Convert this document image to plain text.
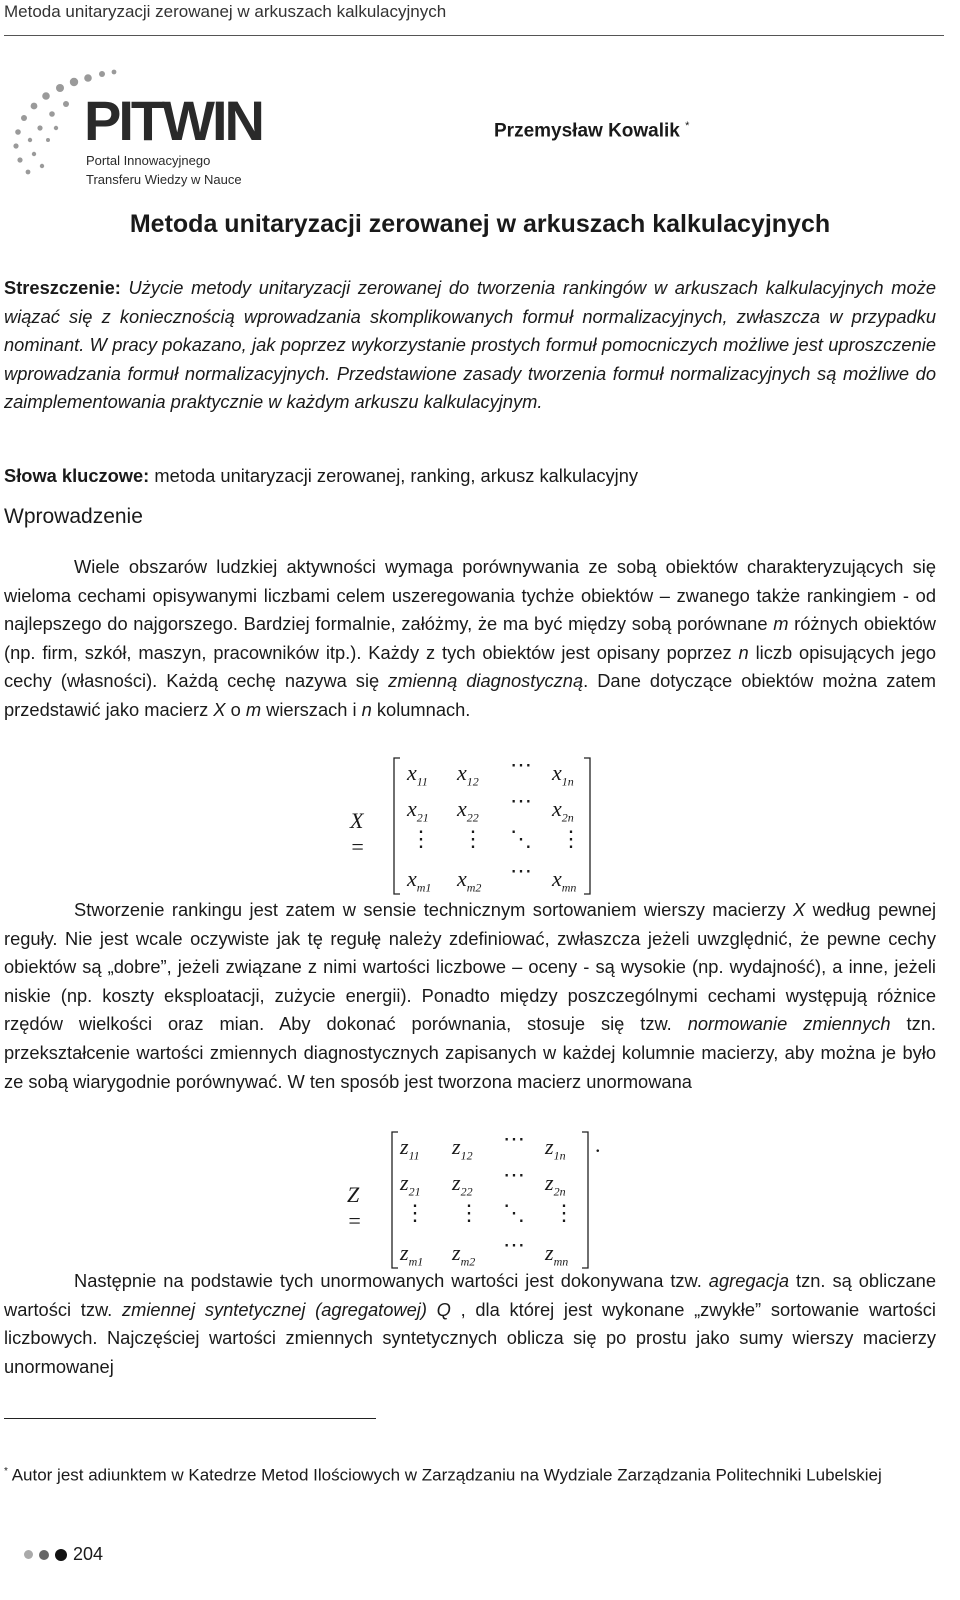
Metoda unitaryzacji zerowanej w arkuszach kalkulacyjnych
PITWIN
Portal Innowacyjnego
Transferu Wiedzy w Nauce
Przemysław Kowalik *
Metoda unitaryzacji zerowanej w arkuszach kalkulacyjnych
Streszczenie: Użycie metody unitaryzacji zerowanej do tworzenia rankingów w arkuszach kalkulacyjnych może wiązać się z koniecznością wprowadzania skomplikowanych formuł normalizacyjnych, zwłaszcza w przypadku nominant. W pracy pokazano, jak poprzez wykorzystanie prostych formuł pomocniczych możliwe jest uproszczenie wprowadzania formuł normalizacyjnych. Przedstawione zasady tworzenia formuł normalizacyjnych są możliwe do zaimplementowania praktycznie w każdym arkuszu kalkulacyjnym.
Słowa kluczowe: metoda unitaryzacji zerowanej, ranking, arkusz kalkulacyjny
Wprowadzenie
Wiele obszarów ludzkiej aktywności wymaga porównywania ze sobą obiektów charakteryzujących się wieloma cechami opisywanymi liczbami celem uszeregowania tychże obiektów – zwanego także rankingiem - od najlepszego do najgorszego. Bardziej formalnie, załóżmy, że ma być między sobą porównane m różnych obiektów (np. firm, szkół, maszyn, pracowników itp.). Każdy z tych obiektów jest opisany poprzez n liczb opisujących jego cechy (własności). Każdą cechę nazywa się zmienną diagnostyczną. Dane dotyczące obiektów można zatem przedstawić jako macierz X o m wierszach i n kolumnach.
X =
$x_{11}$ $x_{12}$
⋯ $x_{1n}$
$x_{21}$ $x_{22}$
⋯ $x_{2n}$
⋮ ⋮ ⋱ ⋮
$x_{m1}$ $x_{m2}$
⋯ $x_{mn}$
Stworzenie rankingu jest zatem w sensie technicznym sortowaniem wierszy macierzy X według pewnej reguły. Nie jest wcale oczywiste jak tę regułę należy zdefiniować, zwłaszcza jeżeli uwzględnić, że pewne cechy obiektów są „dobre”, jeżeli związane z nimi wartości liczbowe – oceny - są wysokie (np. wydajność), a inne, jeżeli niskie (np. koszty eksploatacji, zużycie energii). Ponadto między poszczególnymi cechami występują różnice rzędów wielkości oraz mian. Aby dokonać porównania, stosuje się tzw. normowanie zmiennych tzn. przekształcenie wartości zmiennych diagnostycznych zapisanych w każdej kolumnie macierzy, aby można je było ze sobą wiarygodnie porównywać. W ten sposób jest tworzona macierz unormowana
Z =
$z_{11}$ $z_{12}$
⋯ $z_{1n}$ .
$z_{21}$ $z_{22}$
⋯ $z_{2n}$
⋮ ⋮ ⋱ ⋮
$z_{m1}$ $z_{m2}$
⋯ $z_{mn}$
Następnie na podstawie tych unormowanych wartości jest dokonywana tzw. agregacja tzn. są obliczane wartości tzw. zmiennej syntetycznej (agregatowej) Q , dla której jest wykonane „zwykłe” sortowanie wartości liczbowych. Najczęściej wartości zmiennych syntetycznych oblicza się po prostu jako sumy wierszy macierzy unormowanej
* Autor jest adiunktem w Katedrze Metod Ilościowych w Zarządzaniu na Wydziale Zarządzania Politechniki Lubelskiej
204
